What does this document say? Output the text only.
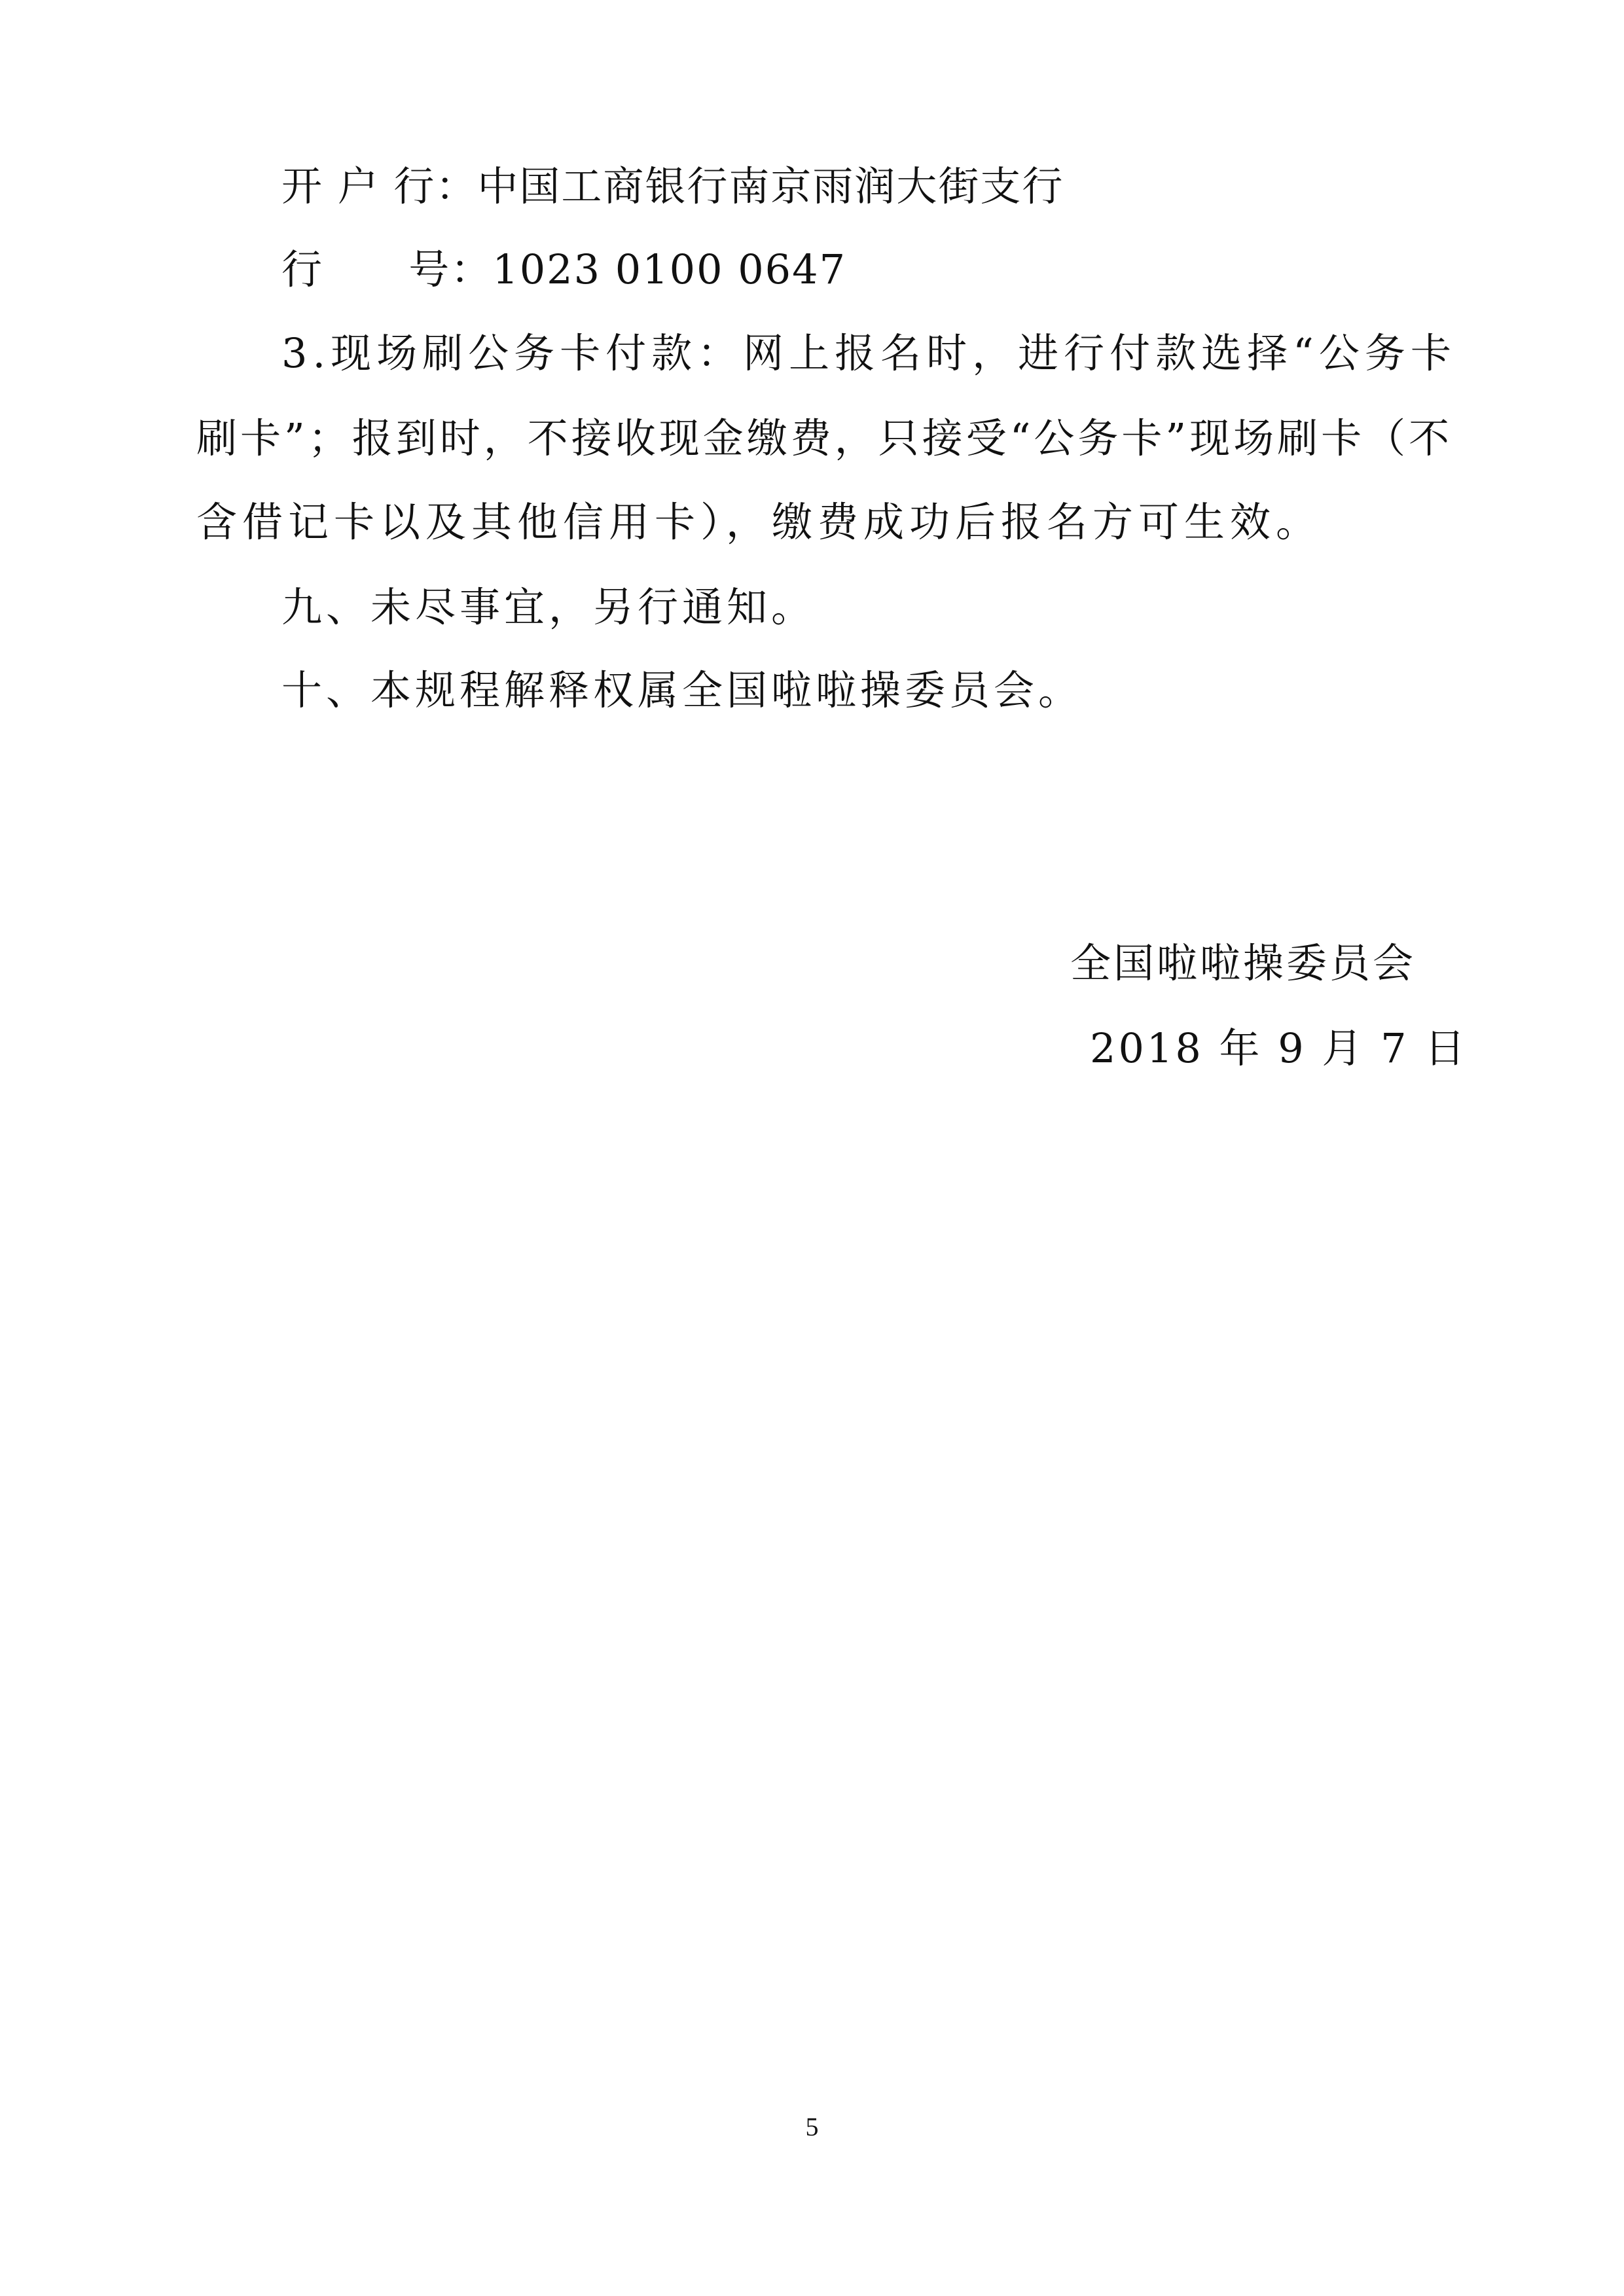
开 户 行：中国工商银行南京雨润大街支行
行      号：1023 0100 0647
3.现场刷公务卡付款：网上报名时，进行付款选择“公务卡
刷卡”；报到时，不接收现金缴费，只接受“公务卡”现场刷卡（不
含借记卡以及其他信用卡），缴费成功后报名方可生效。
九、未尽事宜，另行通知。
十、本规程解释权属全国啦啦操委员会。
全国啦啦操委员会
2018 年 9 月 7 日
5
